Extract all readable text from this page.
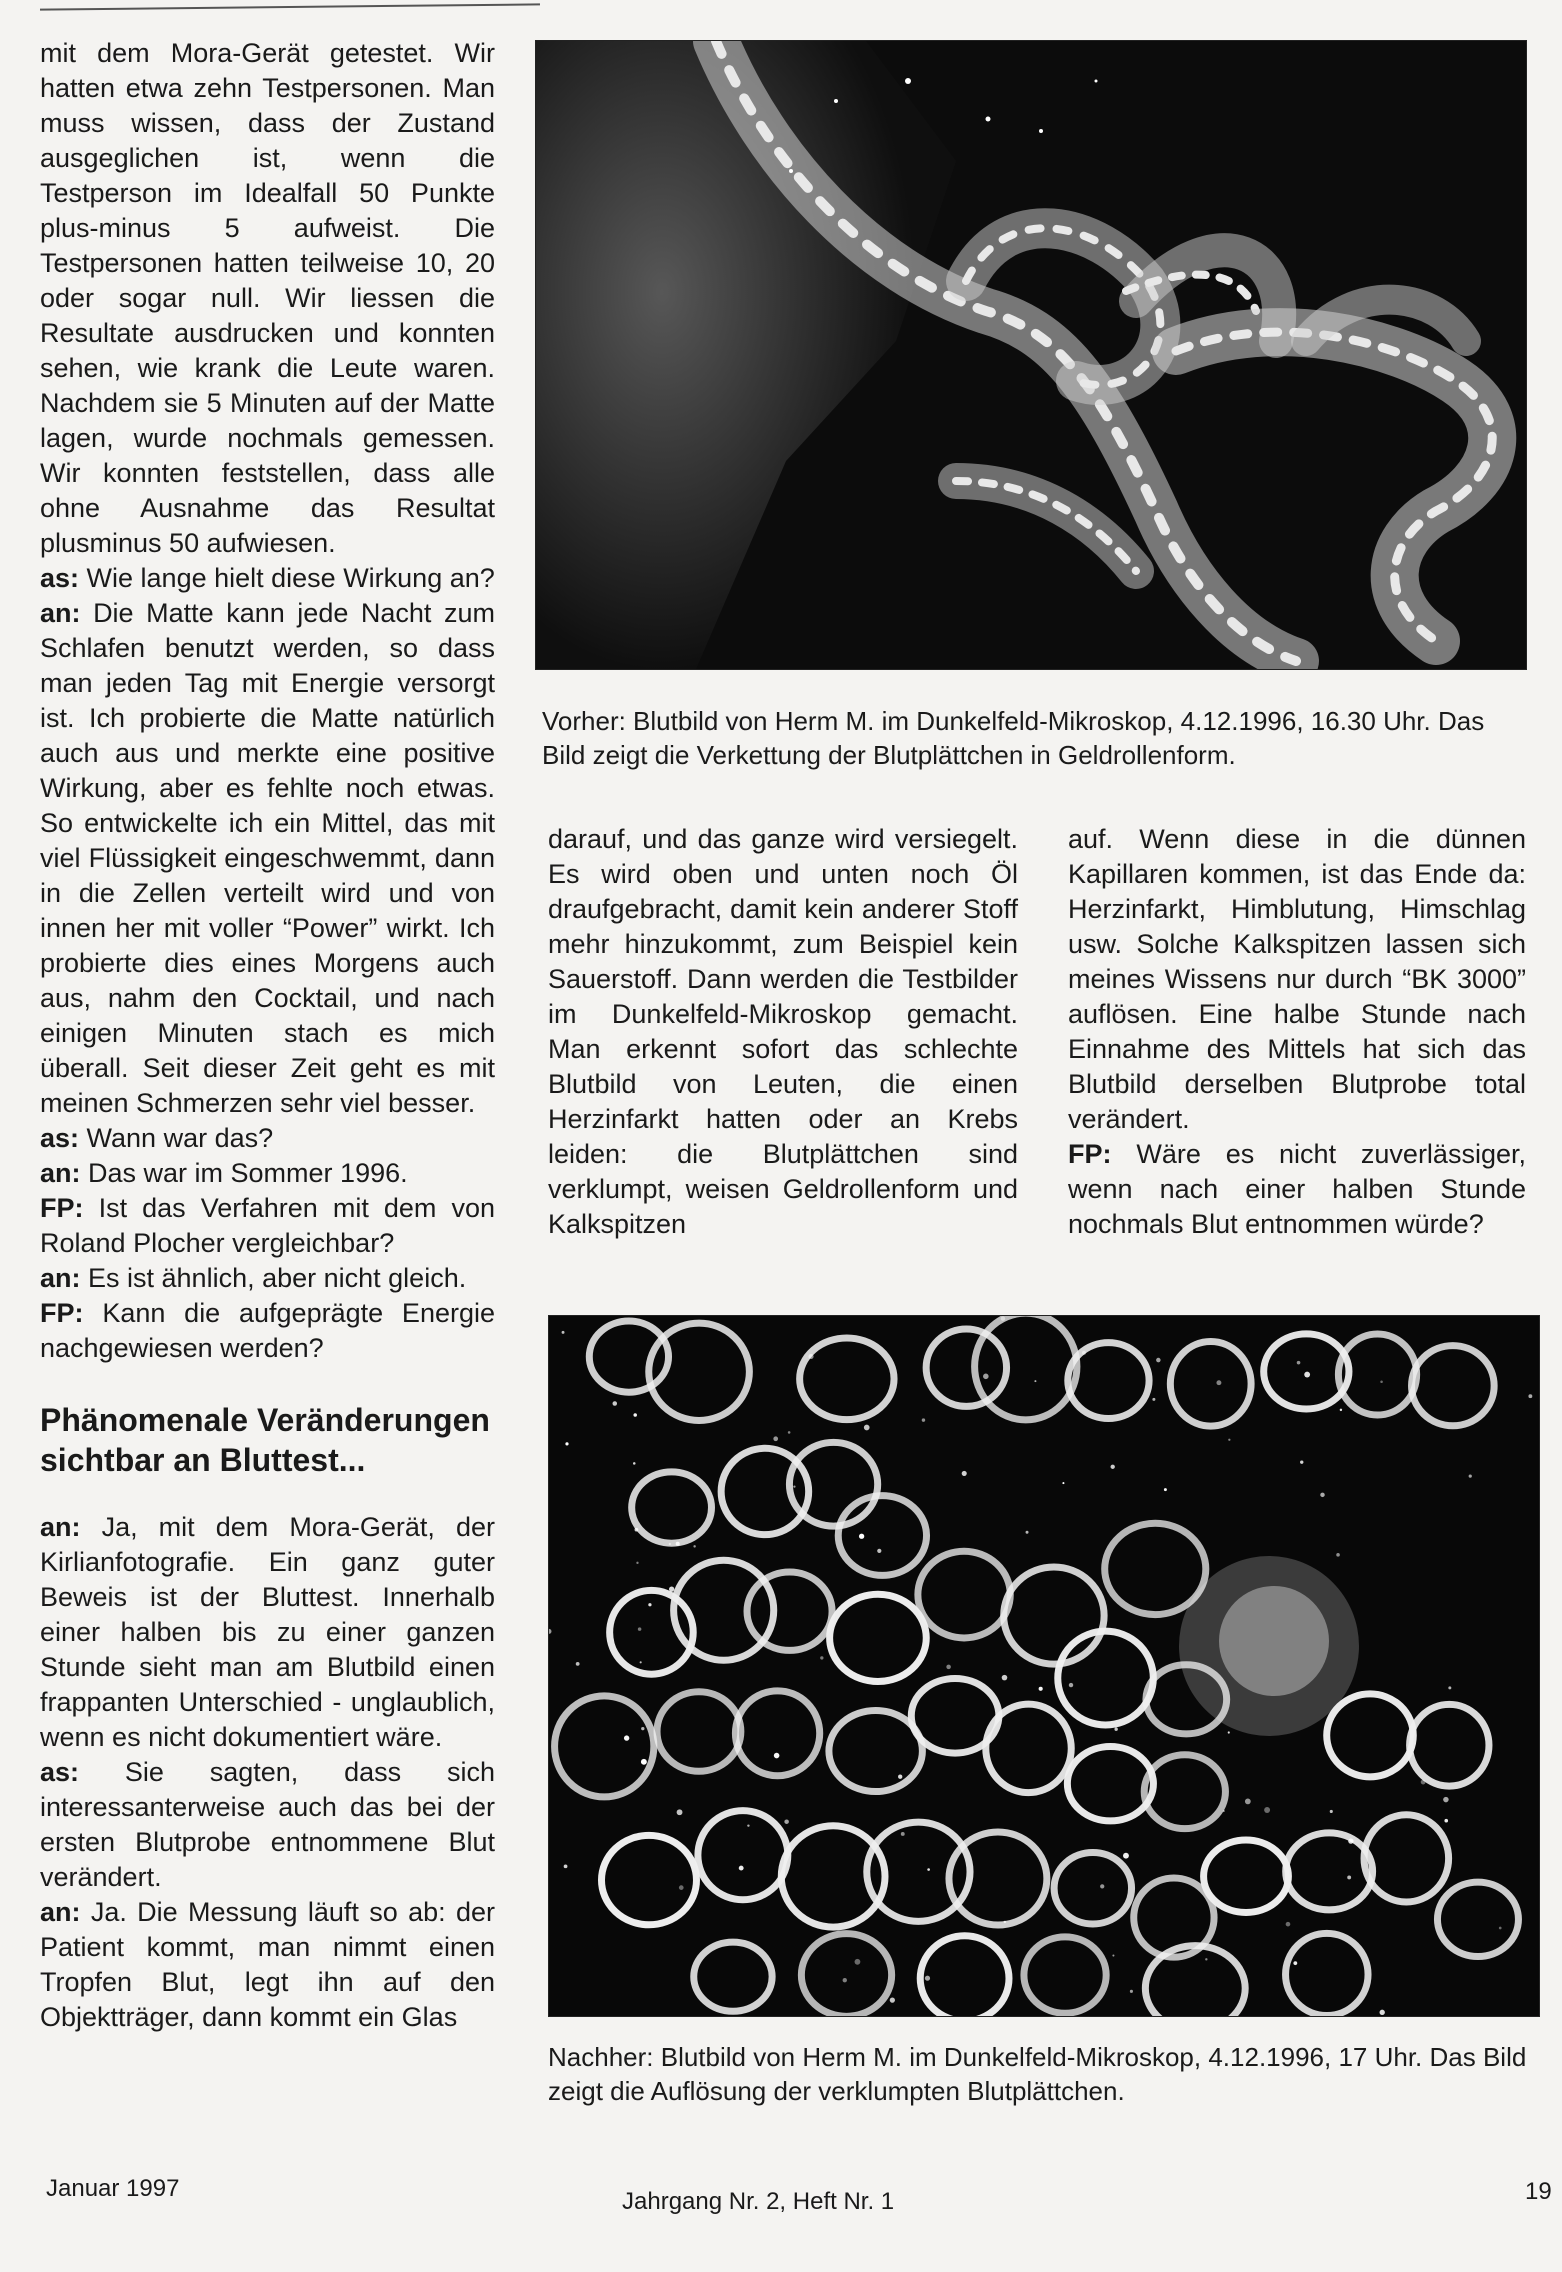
mit dem Mora-Gerät getestet. Wir hatten etwa zehn Testpersonen. Man muss wissen, dass der Zustand ausgeglichen ist, wenn die Testperson im Idealfall 50 Punkte plus-minus 5 aufweist. Die Testpersonen hatten teilweise 10, 20 oder sogar null. Wir liessen die Resultate ausdrucken und konnten sehen, wie krank die Leute waren. Nachdem sie 5 Minuten auf der Matte lagen, wurde nochmals gemessen. Wir konnten feststellen, dass alle ohne Ausnahme das Resultat plusminus 50 aufwiesen.

as: Wie lange hielt diese Wirkung an?

an: Die Matte kann jede Nacht zum Schlafen benutzt werden, so dass man jeden Tag mit Energie versorgt ist. Ich probierte die Matte natürlich auch aus und merkte eine positive Wirkung, aber es fehlte noch etwas. So entwickelte ich ein Mittel, das mit viel Flüssigkeit eingeschwemmt, dann in die Zellen verteilt wird und von innen her mit voller “Power” wirkt. Ich probierte dies eines Morgens auch aus, nahm den Cocktail, und nach einigen Minuten stach es mich überall. Seit dieser Zeit geht es mit meinen Schmerzen sehr viel besser.

as: Wann war das?

an: Das war im Sommer 1996.

FP: Ist das Verfahren mit dem von Roland Plocher vergleichbar?

an: Es ist ähnlich, aber nicht gleich.

FP: Kann die aufgeprägte Energie nachgewiesen werden?

Phänomenale Veränderungen sichtbar an Bluttest...

an: Ja, mit dem Mora-Gerät, der Kirlianfotografie. Ein ganz guter Beweis ist der Bluttest. Innerhalb einer halben bis zu einer ganzen Stunde sieht man am Blutbild einen frappanten Unterschied - unglaublich, wenn es nicht dokumentiert wäre.

as: Sie sagten, dass sich interessanterweise auch das bei der ersten Blutprobe entnommene Blut verändert.

an: Ja. Die Messung läuft so ab: der Patient kommt, man nimmt einen Tropfen Blut, legt ihn auf den Objektträger, dann kommt ein Glas

Vorher: Blutbild von Herm M. im Dunkelfeld-Mikroskop, 4.12.1996, 16.30 Uhr. Das Bild zeigt die Verkettung der Blutplättchen in Geldrollenform.

darauf, und das ganze wird versiegelt. Es wird oben und unten noch Öl draufgebracht, damit kein anderer Stoff mehr hinzukommt, zum Beispiel kein Sauerstoff. Dann werden die Testbilder im Dunkelfeld-Mikroskop gemacht. Man erkennt sofort das schlechte Blutbild von Leuten, die einen Herzinfarkt hatten oder an Krebs leiden: die Blutplättchen sind verklumpt, weisen Geldrollenform und Kalkspitzen

auf. Wenn diese in die dünnen Kapillaren kommen, ist das Ende da: Herzinfarkt, Himblutung, Himschlag usw. Solche Kalkspitzen lassen sich meines Wissens nur durch “BK 3000” auflösen. Eine halbe Stunde nach Einnahme des Mittels hat sich das Blutbild derselben Blutprobe total verändert.

FP: Wäre es nicht zuverlässiger, wenn nach einer halben Stunde nochmals Blut entnommen würde?

Nachher: Blutbild von Herm M. im Dunkelfeld-Mikroskop, 4.12.1996, 17 Uhr. Das Bild zeigt die Auflösung der verklumpten Blutplättchen.
Januar 1997	Jahrgang Nr. 2, Heft Nr. 1	19
